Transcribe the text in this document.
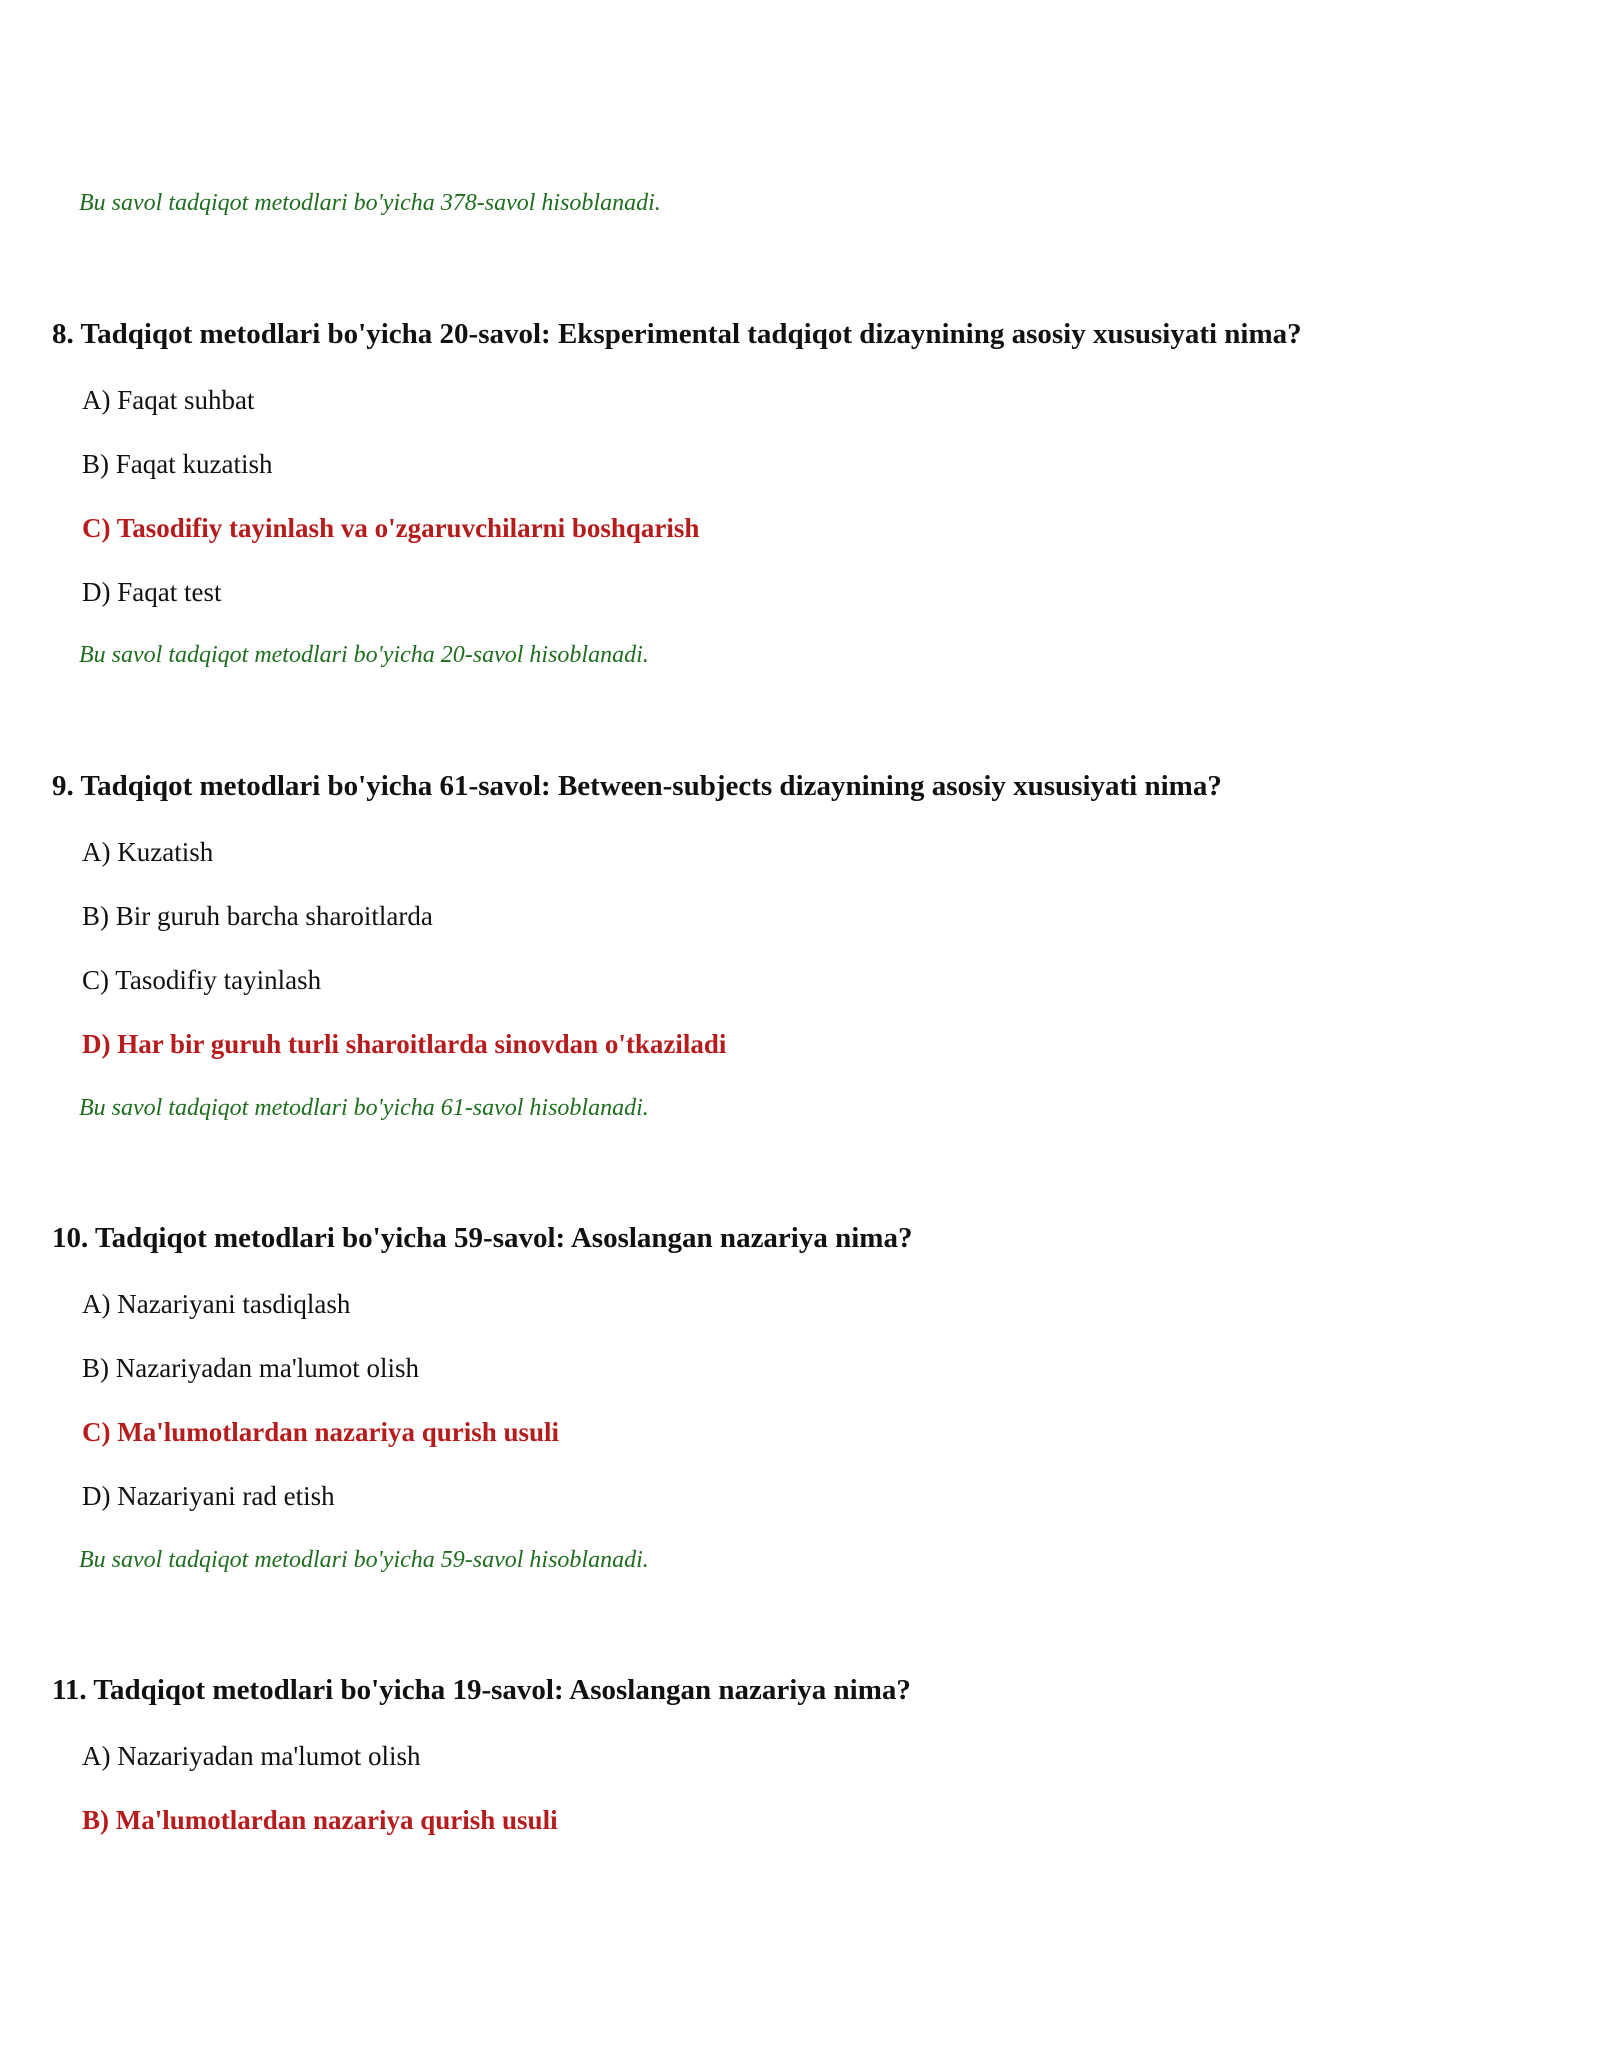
Bu savol tadqiqot metodlari bo'yicha 378-savol hisoblanadi.
8. Tadqiqot metodlari bo'yicha 20-savol: Eksperimental tadqiqot dizaynining asosiy xususiyati nima?
A) Faqat suhbat
B) Faqat kuzatish
C) Tasodifiy tayinlash va o'zgaruvchilarni boshqarish
D) Faqat test
Bu savol tadqiqot metodlari bo'yicha 20-savol hisoblanadi.
9. Tadqiqot metodlari bo'yicha 61-savol: Between-subjects dizaynining asosiy xususiyati nima?
A) Kuzatish
B) Bir guruh barcha sharoitlarda
C) Tasodifiy tayinlash
D) Har bir guruh turli sharoitlarda sinovdan o'tkaziladi
Bu savol tadqiqot metodlari bo'yicha 61-savol hisoblanadi.
10. Tadqiqot metodlari bo'yicha 59-savol: Asoslangan nazariya nima?
A) Nazariyani tasdiqlash
B) Nazariyadan ma'lumot olish
C) Ma'lumotlardan nazariya qurish usuli
D) Nazariyani rad etish
Bu savol tadqiqot metodlari bo'yicha 59-savol hisoblanadi.
11. Tadqiqot metodlari bo'yicha 19-savol: Asoslangan nazariya nima?
A) Nazariyadan ma'lumot olish
B) Ma'lumotlardan nazariya qurish usuli
